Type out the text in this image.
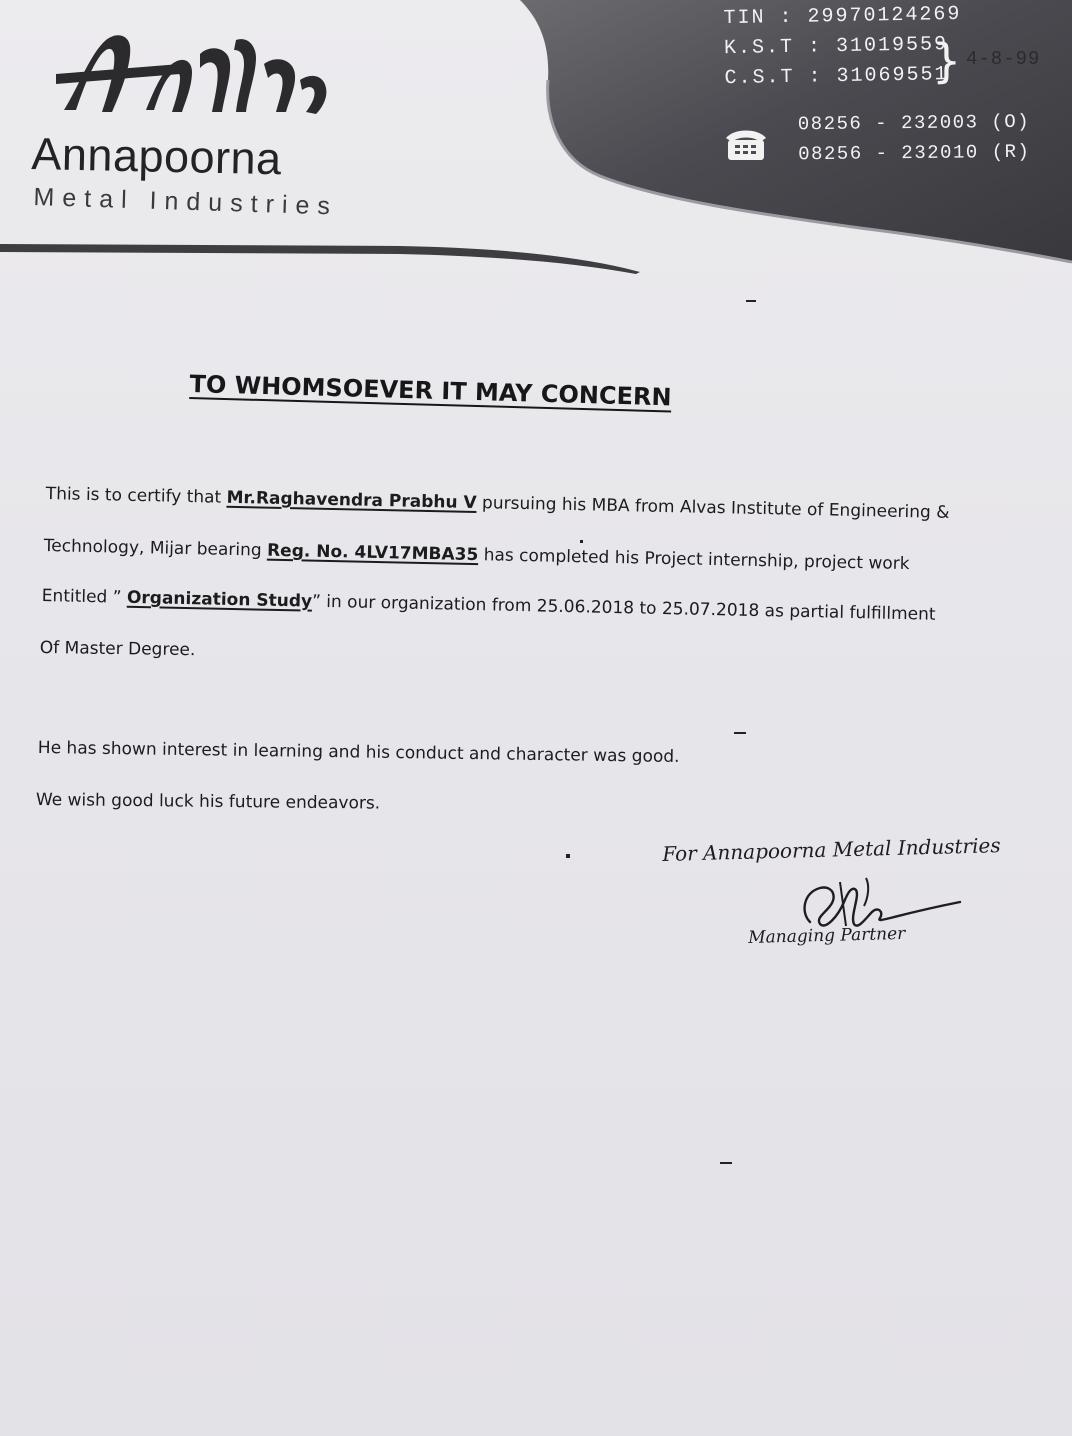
Annapoorna
Metal Industries
TIN : 29970124269
K.S.T : 31019559
C.S.T : 31069551
} 4-8-99
08256 - 232003 (O)
08256 - 232010 (R)
TO WHOMSOEVER IT MAY CONCERN
This is to certify that Mr.Raghavendra Prabhu V pursuing his MBA from Alvas Institute of Engineering &
Technology, Mijar bearing Reg. No. 4LV17MBA35 has completed his Project internship, project work
Entitled ” Organization Study” in our organization from 25.06.2018 to 25.07.2018 as partial fulfillment
Of Master Degree.
He has shown interest in learning and his conduct and character was good.
We wish good luck his future endeavors.
For Annapoorna Metal Industries
Managing Partner
